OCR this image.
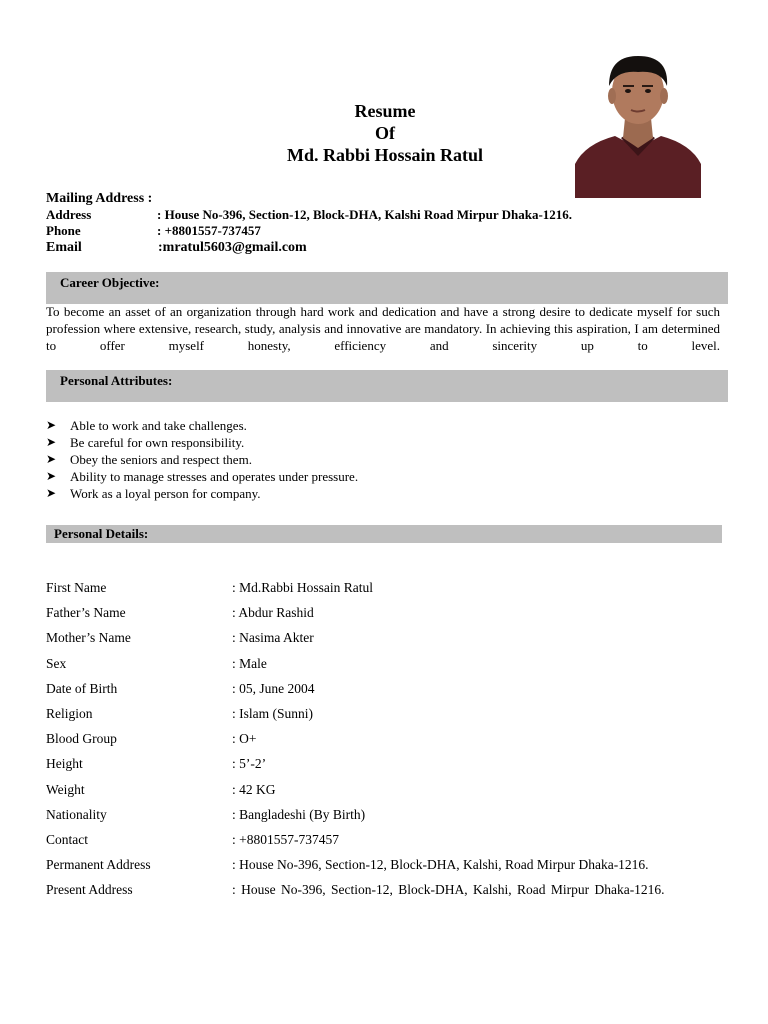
Resume
Of
Md. Rabbi Hossain Ratul
Mailing Address :
Address	: House No-396, Section-12, Block-DHA, Kalshi Road Mirpur Dhaka-1216.
Phone	: +8801557-737457
Email	:mratul5603@gmail.com
Career Objective:
To become an asset of an organization through hard work and dedication and have a strong desire to dedicate myself for such profession where extensive, research, study, analysis and innovative are mandatory. In achieving this aspiration, I am determined to offer myself honesty, efficiency and sincerity up to level.
Personal Attributes:
➤ Able to work and take challenges.
➤ Be careful for own responsibility.
➤ Obey the seniors and respect them.
➤ Ability to manage stresses and operates under pressure.
➤ Work as a loyal person for company.
Personal Details:
First Name	: Md.Rabbi Hossain Ratul
Father’s Name	: Abdur Rashid
Mother’s Name	: Nasima Akter
Sex	: Male
Date of Birth	: 05, June 2004
Religion	: Islam (Sunni)
Blood Group	: O+
Height	: 5’-2’
Weight	: 42 KG
Nationality	: Bangladeshi (By Birth)
Contact	: +8801557-737457
Permanent Address	: House No-396, Section-12, Block-DHA, Kalshi, Road Mirpur Dhaka-1216.
Present Address	: House No-396, Section-12, Block-DHA, Kalshi, Road Mirpur Dhaka-1216.
